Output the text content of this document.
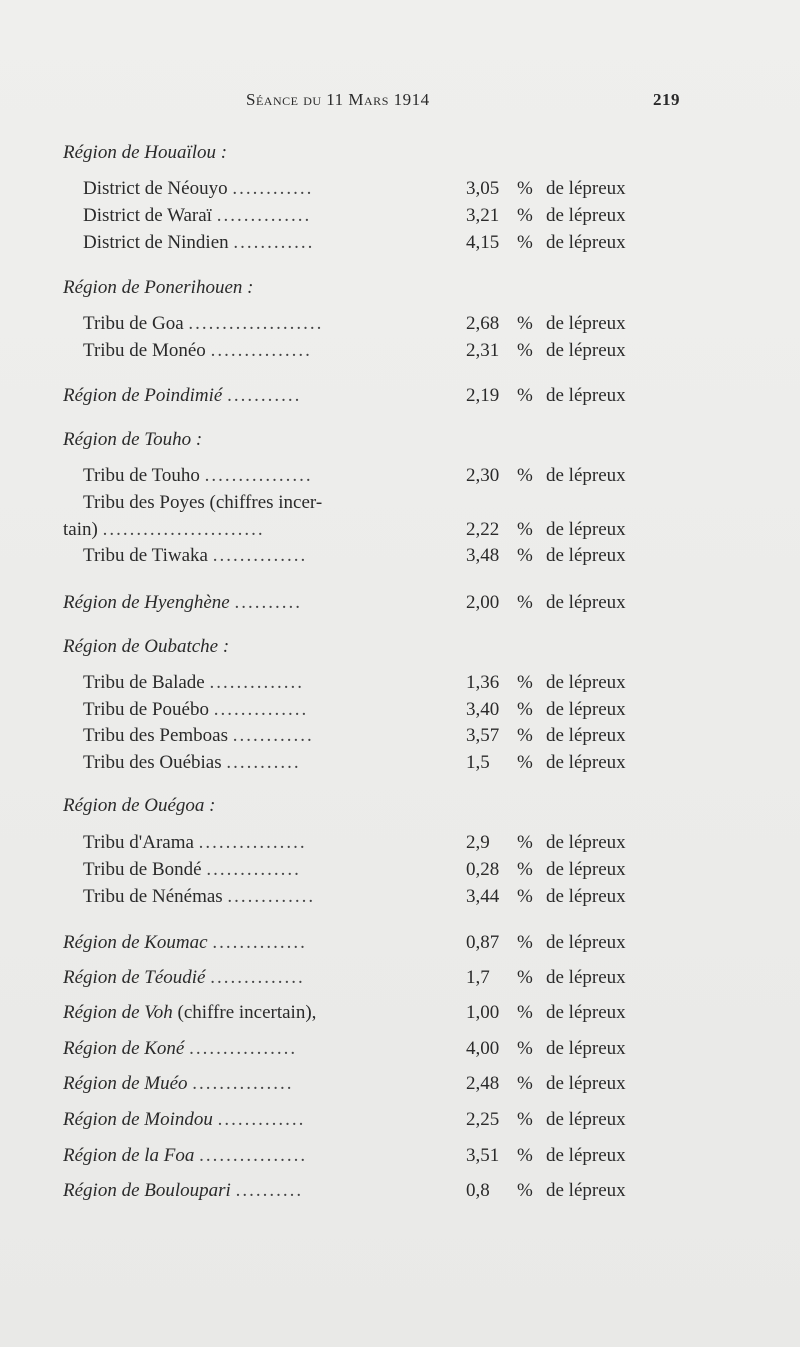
Séance du 11 Mars 1914	219
Région de Houaïlou :
District de Néouyo ............	3,05 % de lépreux
District de Waraï ..............	3,21 % de lépreux
District de Nindien ............	4,15 % de lépreux
Région de Ponerihouen :
Tribu de Goa ....................	2,68 % de lépreux
Tribu de Monéo ...............	2,31 % de lépreux
Région de Poindimié ...........	2,19 % de lépreux
Région de Touho :
Tribu de Touho ................	2,30 % de lépreux
Tribu des Poyes (chiffres incer-
tain) ........................	2,22 % de lépreux
Tribu de Tiwaka ..............	3,48 % de lépreux
Région de Hyenghène ..........	2,00 % de lépreux
Région de Oubatche :
Tribu de Balade ..............	1,36 % de lépreux
Tribu de Pouébo ..............	3,40 % de lépreux
Tribu des Pemboas ............	3,57 % de lépreux
Tribu des Ouébias ...........	1,5	% de lépreux
Région de Ouégoa :
Tribu d'Arama ................	2,9	% de lépreux
Tribu de Bondé ..............	0,28 % de lépreux
Tribu de Nénémas .............	3,44 % de lépreux
Région de Koumac ..............	0,87 % de lépreux
Région de Téoudié ..............	1,7	% de lépreux
Région de Voh (chiffre incertain),	1,00 % de lépreux
Région de Koné ................	4,00 % de lépreux
Région de Muéo ...............	2,48 % de lépreux
Région de Moindou .............	2,25 % de lépreux
Région de la Foa ................	3,51 % de lépreux
Région de Bouloupari ..........	0,8	% de lépreux
